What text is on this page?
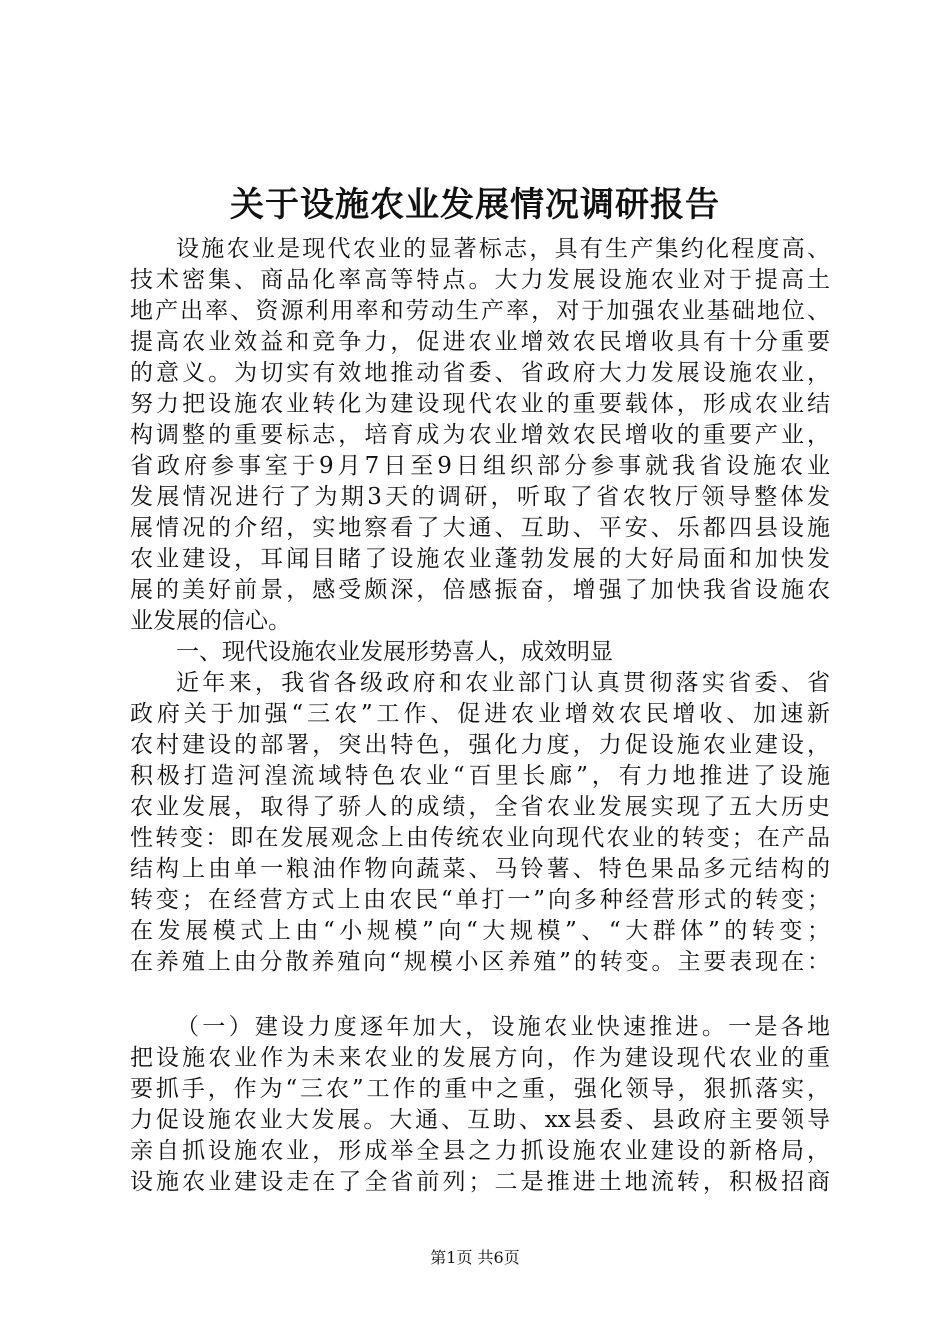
关于设施农业发展情况调研报告
设施农业是现代农业的显著标志，具有生产集约化程度高、
技术密集、商品化率高等特点。大力发展设施农业对于提高土
地产出率、资源利用率和劳动生产率，对于加强农业基础地位、
提高农业效益和竞争力，促进农业增效农民增收具有十分重要
的意义。为切实有效地推动省委、省政府大力发展设施农业，
努力把设施农业转化为建设现代农业的重要载体，形成农业结
构调整的重要标志，培育成为农业增效农民增收的重要产业，
省政府参事室于9月7日至9日组织部分参事就我省设施农业
发展情况进行了为期3天的调研，听取了省农牧厅领导整体发
展情况的介绍，实地察看了大通、互助、平安、乐都四县设施
农业建设，耳闻目睹了设施农业蓬勃发展的大好局面和加快发
展的美好前景，感受颇深，倍感振奋，增强了加快我省设施农
业发展的信心。
一、现代设施农业发展形势喜人，成效明显
近年来，我省各级政府和农业部门认真贯彻落实省委、省
政府关于加强“三农”工作、促进农业增效农民增收、加速新
农村建设的部署，突出特色，强化力度，力促设施农业建设，
积极打造河湟流域特色农业“百里长廊”，有力地推进了设施
农业发展，取得了骄人的成绩，全省农业发展实现了五大历史
性转变：即在发展观念上由传统农业向现代农业的转变；在产品
结构上由单一粮油作物向蔬菜、马铃薯、特色果品多元结构的
转变；在经营方式上由农民“单打一”向多种经营形式的转变；
在发展模式上由“小规模”向“大规模”、“大群体”的转变；
在养殖上由分散养殖向“规模小区养殖”的转变。主要表现在：
（一）建设力度逐年加大，设施农业快速推进。一是各地
把设施农业作为未来农业的发展方向，作为建设现代农业的重
要抓手，作为“三农”工作的重中之重，强化领导，狠抓落实，
力促设施农业大发展。大通、互助、xx县委、县政府主要领导
亲自抓设施农业，形成举全县之力抓设施农业建设的新格局，
设施农业建设走在了全省前列；二是推进土地流转，积极招商
第1页 共6页
